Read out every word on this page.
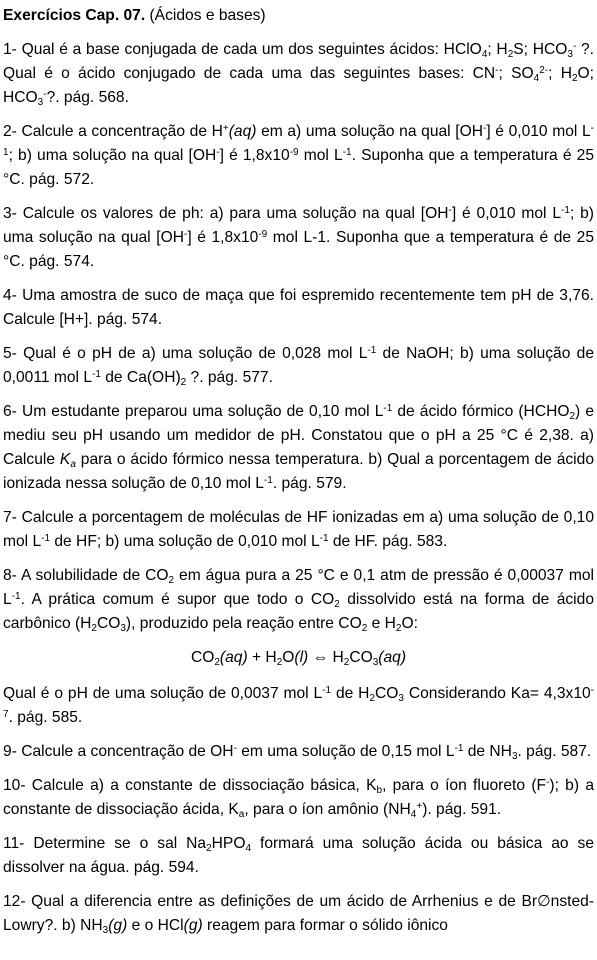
Exercícios Cap. 07. (Ácidos e bases)

1- Qual é a base conjugada de cada um dos seguintes ácidos: HClO$_4$; $H_2S$; $HCO_3^-$ ?. Qual é o ácido conjugado de cada uma das seguintes bases: CN-; $SO_4^{2-}$; $H_2O$; $HCO_3^-$?. pág. 568.

2- Calcule a concentração de H+(aq) em a) uma solução na qual [OH-] é 0,010 mol $L^{-1}$; b) uma solução na qual [OH-] é $1,8x10^{-9}$ mol $L^{-1}$. Suponha que a temperatura é 25 °C. pág. 572.

3- Calcule os valores de ph: a) para uma solução na qual [OH-] é 0,010 mol $L^{-1}$; b) uma solução na qual [OH-] é $1,8x10^{-9}$ mol L-1. Suponha que a temperatura é de 25 °C. pág. 574.

4- Uma amostra de suco de maça que foi espremido recentemente tem pH de 3,76. Calcule [H+]. pág. 574.

5- Qual é o pH de a) uma solução de 0,028 mol $L^{-1}$ de NaOH; b) uma solução de 0,0011 mol $L^{-1}$ de $Ca(OH)_2$ ?. pág. 577.

6- Um estudante preparou uma solução de 0,10 mol $L^{-1}$ de ácido fórmico $(HCHO_2)$ e mediu seu pH usando um medidor de pH. Constatou que o pH a 25 °C é 2,38. a) Calcule $K_a$ para o ácido fórmico nessa temperatura. b) Qual a porcentagem de ácido ionizada nessa solução de 0,10 mol $L^{-1}$. pág. 579.

7- Calcule a porcentagem de moléculas de HF ionizadas em a) uma solução de 0,10 mol $L^{-1}$ de HF; b) uma solução de 0,010 mol $L^{-1}$ de HF. pág. 583.

8- A solubilidade de $CO_2$ em água pura a 25 °C e 0,1 atm de pressão é 0,00037 mol $L^{-1}$. A prática comum é supor que todo o $CO_2$ dissolvido está na forma de ácido carbônico $(H_2CO_3)$, produzido pela reação entre $CO_2$ e $H_2O$:

$CO_2(aq) + H_2O(l)$ ⇔ $H_2CO_3(aq)$

Qual é o pH de uma solução de 0,0037 mol $L^{-1}$ de $H_2CO_3$ Considerando $Ka= 4,3x10^{-7}$. pág. 585.

9- Calcule a concentração de OH- em uma solução de 0,15 mol $L^{-1}$ de $NH_3$. pág. 587.

10- Calcule a) a constante de dissociação básica, $K_b$, para o íon fluoreto (F-); b) a constante de dissociação ácida, $K_a$, para o íon amônio $(NH_4^+)$. pág. 591.

11- Determine se o sal $Na_2HPO_4$ formará uma solução ácida ou básica ao se dissolver na água. pág. 594.

12- Qual a diferencia entre as definições de um ácido de Arrhenius e de Br∅nsted-Lowry?. b) $NH_3(g)$ e o HCl(g) reagem para formar o sólido iônico
